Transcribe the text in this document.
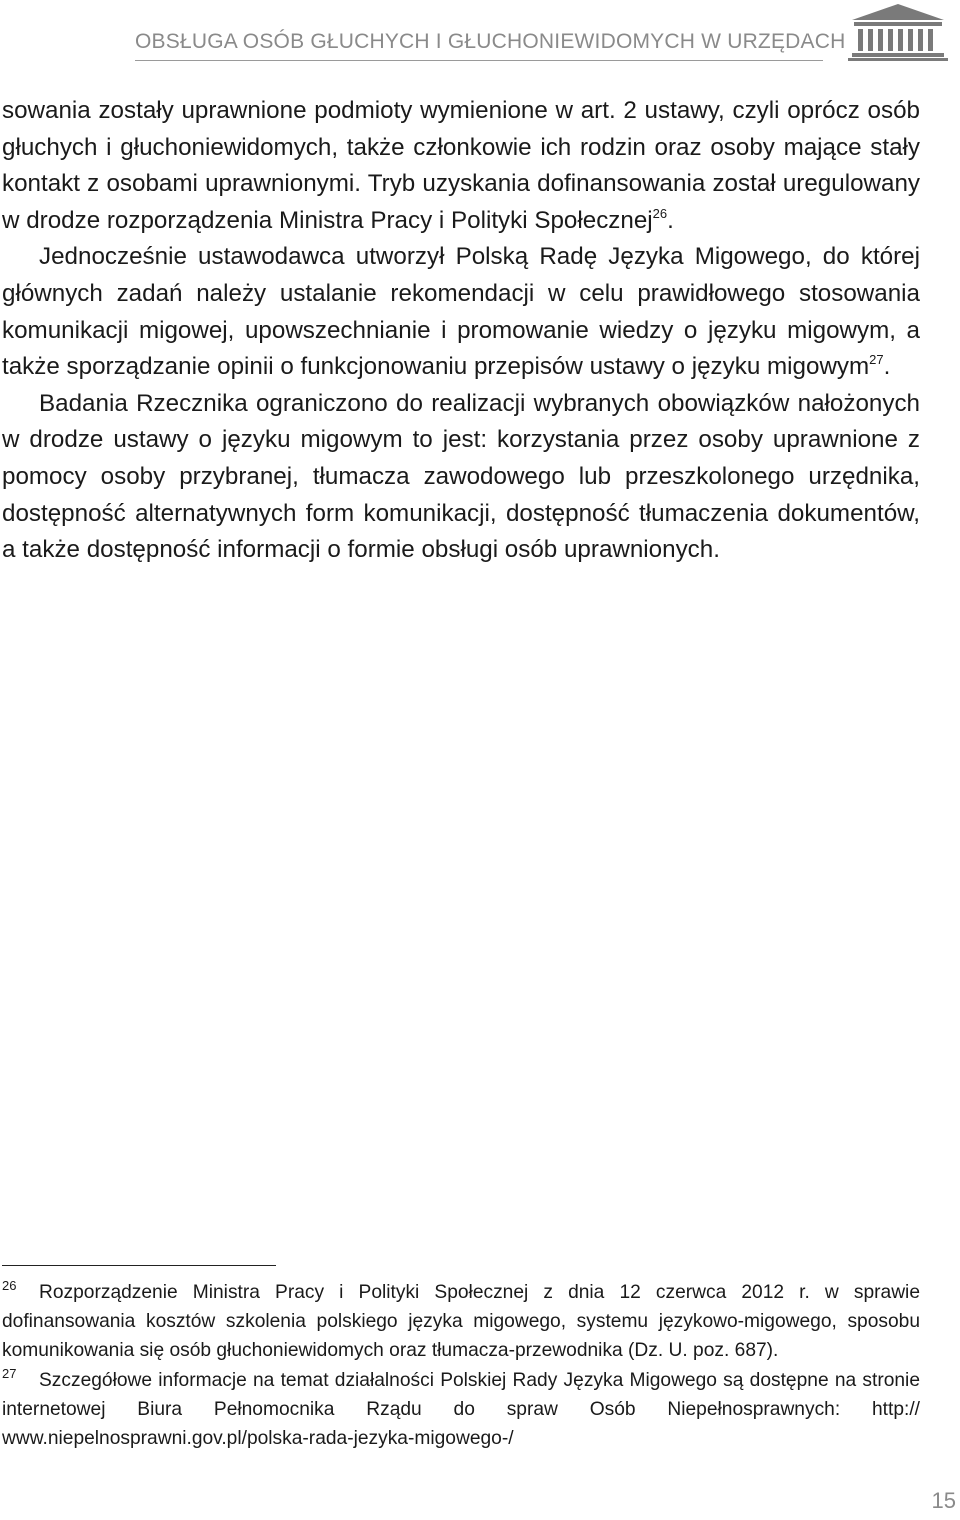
OBSŁUGA OSÓB GŁUCHYCH I GŁUCHONIEWIDOMYCH W URZĘDACH

sowania zostały uprawnione podmioty wymienione w art. 2 ustawy, czyli oprócz osób głuchych i głuchoniewidomych, także członkowie ich rodzin oraz osoby mające stały kontakt z osobami uprawnionymi. Tryb uzyskania dofinansowania został uregulowany w drodze rozporządzenia Ministra Pracy i Polityki Społecznej$^{26}$.

Jednocześnie ustawodawca utworzył Polską Radę Języka Migowego, do której głównych zadań należy ustalanie rekomendacji w celu prawidłowego stosowania komunikacji migowej, upowszechnianie i promowanie wiedzy o języku migowym, a także sporządzanie opinii o funkcjonowaniu przepisów ustawy o języku migowym$^{27}$.

Badania Rzecznika ograniczono do realizacji wybranych obowiązków nałożonych w drodze ustawy o języku migowym to jest: korzystania przez osoby uprawnione z pomocy osoby przybranej, tłumacza zawodowego lub przeszkolonego urzędnika, dostępność alternatywnych form komunikacji, dostępność tłumaczenia dokumentów, a także dostępność informacji o formie obsługi osób uprawnionych.

26 Rozporządzenie Ministra Pracy i Polityki Społecznej z dnia 12 czerwca 2012 r. w sprawie dofinansowania kosztów szkolenia polskiego języka migowego, systemu językowo-migowego, sposobu komunikowania się osób głuchoniewidomych oraz tłumacza-przewodnika (Dz. U. poz. 687).

27 Szczegółowe informacje na temat działalności Polskiej Rady Języka Migowego są dostępne na stronie internetowej Biura Pełnomocnika Rządu do spraw Osób Niepełnosprawnych: http:// www.niepelnosprawni.gov.pl/polska-rada-jezyka-migowego-/

15
